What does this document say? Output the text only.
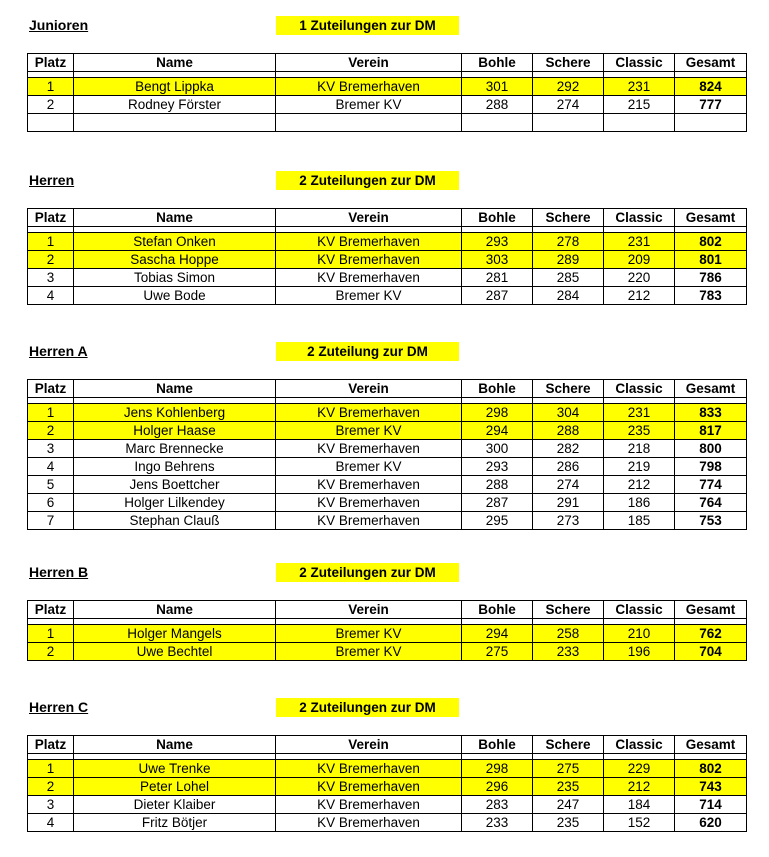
Junioren	1 Zuteilungen zur DM
Platz	Name	Verein	Bohle	Schere	Classic	Gesamt

1	Bengt Lippka	KV Bremerhaven	301	292	231	824
2	Rodney Förster	Bremer KV	288	274	215	777

Herren	2 Zuteilungen zur DM
Platz	Name	Verein	Bohle	Schere	Classic	Gesamt

1	Stefan Onken	KV Bremerhaven	293	278	231	802
2	Sascha Hoppe	KV Bremerhaven	303	289	209	801
3	Tobias Simon	KV Bremerhaven	281	285	220	786
4	Uwe Bode	Bremer KV	287	284	212	783
Herren A	2 Zuteilung zur DM
Platz	Name	Verein	Bohle	Schere	Classic	Gesamt

1	Jens Kohlenberg	KV Bremerhaven	298	304	231	833
2	Holger Haase	Bremer KV	294	288	235	817
3	Marc Brennecke	KV Bremerhaven	300	282	218	800
4	Ingo Behrens	Bremer KV	293	286	219	798
5	Jens Boettcher	KV Bremerhaven	288	274	212	774
6	Holger Lilkendey	KV Bremerhaven	287	291	186	764
7	Stephan Clauß	KV Bremerhaven	295	273	185	753
Herren B	2 Zuteilungen zur DM
Platz	Name	Verein	Bohle	Schere	Classic	Gesamt

1	Holger Mangels	Bremer KV	294	258	210	762
2	Uwe Bechtel	Bremer KV	275	233	196	704
Herren C	2 Zuteilungen zur DM
Platz	Name	Verein	Bohle	Schere	Classic	Gesamt

1	Uwe Trenke	KV Bremerhaven	298	275	229	802
2	Peter Lohel	KV Bremerhaven	296	235	212	743
3	Dieter Klaiber	KV Bremerhaven	283	247	184	714
4	Fritz Bötjer	KV Bremerhaven	233	235	152	620
